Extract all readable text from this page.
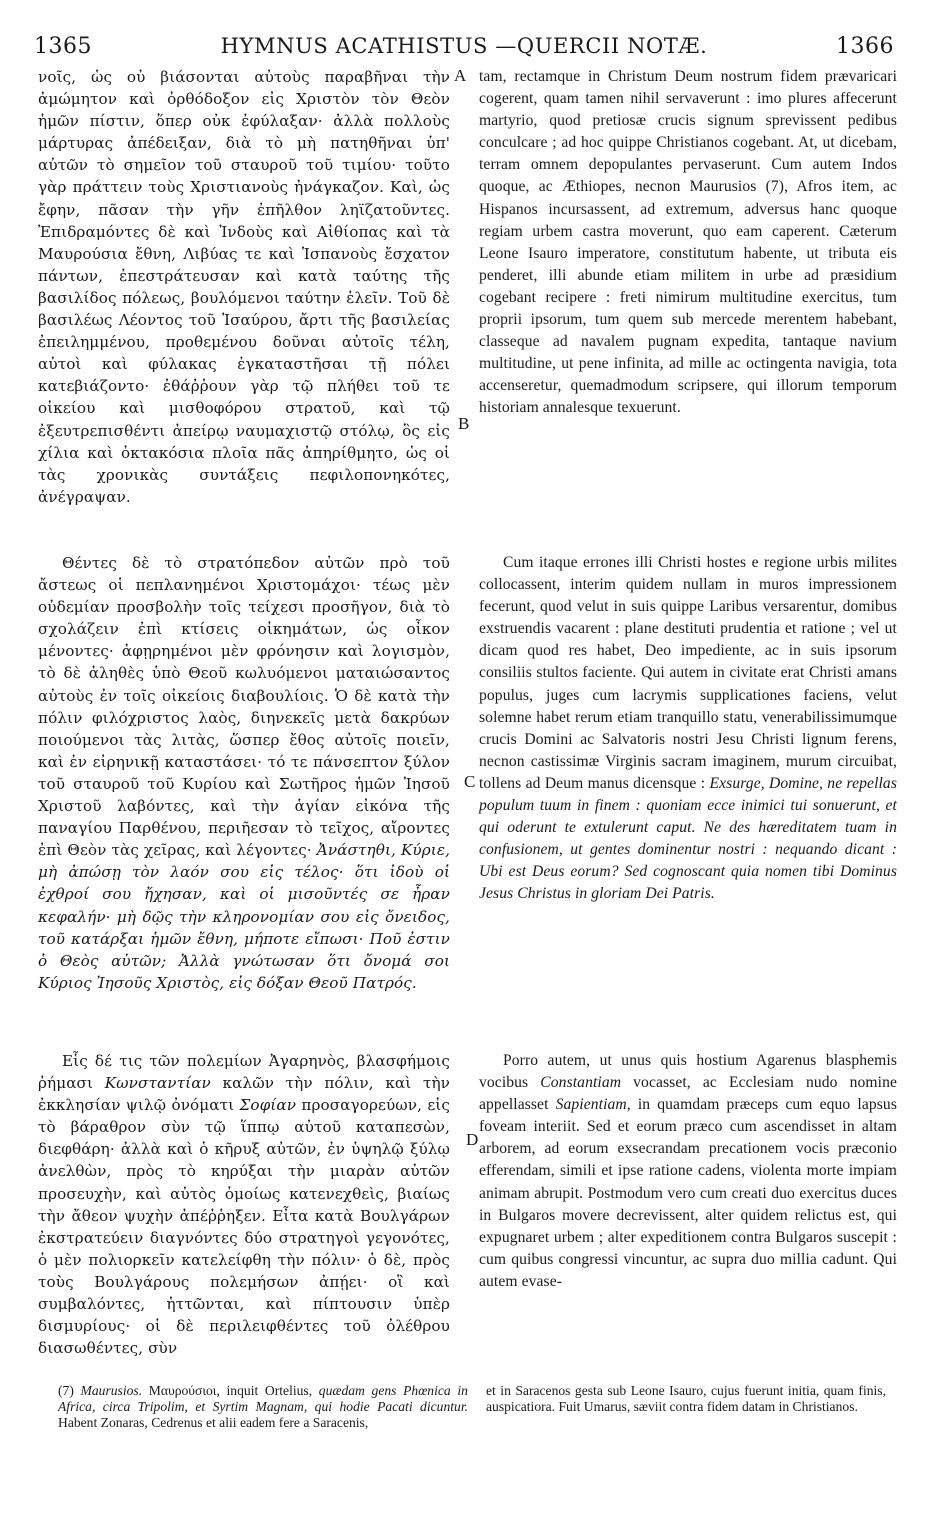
1365	HYMNUS ACATHISTUS —QUERCII NOTÆ.	1366
νοῖς, ὡς οὐ βιάσονται αὐτοὺς παραβῆναι τὴν ἀμώμητον καὶ ὀρθόδοξον εἰς Χριστὸν τὸν Θεὸν ἡμῶν πίστιν, ὅπερ οὐκ ἐφύλαξαν· ἀλλὰ πολλοὺς μάρτυρας ἀπέδειξαν, διὰ τὸ μὴ πατηθῆναι ὑπ' αὐτῶν τὸ σημεῖον τοῦ σταυροῦ τοῦ τιμίου· τοῦτο γὰρ πράττειν τοὺς Χριστιανοὺς ἠνάγκαζον. Καὶ, ὡς ἔφην, πᾶσαν τὴν γῆν ἐπῆλθον ληϊζατοῦντες. Ἐπιδραμόντες δὲ καὶ Ἰνδοὺς καὶ Αἰθίοπας καὶ τὰ Μαυρούσια ἔθνη, Λιβύας τε καὶ Ἱσπανοὺς ἔσχατον πάντων, ἐπεστράτευσαν καὶ κατὰ ταύτης τῆς βασιλίδος πόλεως, βουλόμενοι ταύτην ἑλεῖν. Τοῦ δὲ βασιλέως Λέοντος τοῦ Ἰσαύρου, ἄρτι τῆς βασιλείας ἐπειλημμένου, προθεμένου δοῦναι αὐτοῖς τέλη, αὐτοὶ καὶ φύλακας ἐγκαταστῆσαι τῇ πόλει κατεβιάζοντο· ἐθάῤῥουν γὰρ τῷ πλήθει τοῦ τε οἰκείου καὶ μισθοφόρου στρατοῦ, καὶ τῷ ἐξευτρεπισθέντι ἀπείρῳ ναυμαχιστῷ στόλῳ, ὃς εἰς χίλια καὶ ὀκτακόσια πλοῖα πᾶς ἀπηρίθμητο, ὡς οἱ τὰς χρονικὰς συντάξεις πεφιλοπονηκότες, ἀνέγραψαν.
tam, rectamque in Christum Deum nostrum fidem prævaricari cogerent, quam tamen nihil servaverunt : imo plures affecerunt martyrio, quod pretiosæ crucis signum sprevissent pedibus conculcare ; ad hoc quippe Christianos cogebant. At, ut dicebam, terram omnem depopulantes pervaserunt. Cum autem Indos quoque, ac Æthiopes, necnon Maurusios (7), Afros item, ac Hispanos incursassent, ad extremum, adversus hanc quoque regiam urbem castra moverunt, quo eam caperent. Cæterum Leone Isauro imperatore, constitutum habente, ut tributa eis penderet, illi abunde etiam militem in urbe ad præsidium cogebant recipere : freti nimirum multitudine exercitus, tum proprii ipsorum, tum quem sub mercede merentem habebant, classeque ad navalem pugnam expedita, tantaque navium multitudine, ut pene infinita, ad mille ac octingenta navigia, tota accenseretur, quemadmodum scripsere, qui illorum temporum historiam annalesque texuerunt.
Θέντες δὲ τὸ στρατόπεδον αὐτῶν πρὸ τοῦ ἄστεως οἱ πεπλανημένοι Χριστομάχοι· τέως μὲν οὐδεμίαν προσβολὴν τοῖς τείχεσι προσῆγον, διὰ τὸ σχολάζειν ἐπὶ κτίσεις οἰκημάτων, ὡς οἶκον μένοντες· ἀφῃρημένοι μὲν φρόνησιν καὶ λογισμὸν, τὸ δὲ ἀληθὲς ὑπὸ Θεοῦ κωλυόμενοι ματαιώσαντος αὐτοὺς ἐν τοῖς οἰκείοις διαβουλίοις. Ὁ δὲ κατὰ τὴν πόλιν φιλόχριστος λαὸς, διηνεκεῖς μετὰ δακρύων ποιούμενοι τὰς λιτὰς, ὥσπερ ἔθος αὐτοῖς ποιεῖν, καὶ ἐν εἰρηνικῇ καταστάσει· τό τε πάνσεπτον ξύλον τοῦ σταυροῦ τοῦ Κυρίου καὶ Σωτῆρος ἡμῶν Ἰησοῦ Χριστοῦ λαβόντες, καὶ τὴν ἁγίαν εἰκόνα τῆς παναγίου Παρθένου, περιῆεσαν τὸ τεῖχος, αἴροντες ἐπὶ Θεὸν τὰς χεῖρας, καὶ λέγοντες· Ἀνάστηθι, Κύριε, μὴ ἀπώσῃ τὸν λαόν σου εἰς τέλος· ὅτι ἰδοὺ οἱ ἐχθροί σου ἤχησαν, καὶ οἱ μισοῦντές σε ἦραν κεφαλήν· μὴ δῷς τὴν κληρονομίαν σου εἰς ὄνειδος, τοῦ κατάρξαι ἡμῶν ἔθνη, μήποτε εἴπωσι· Ποῦ ἐστιν ὁ Θεὸς αὐτῶν; Ἀλλὰ γνώτωσαν ὅτι ὄνομά σοι Κύριος Ἰησοῦς Χριστὸς, εἰς δόξαν Θεοῦ Πατρός.
Cum itaque errones illi Christi hostes e regione urbis milites collocassent, interim quidem nullam in muros impressionem fecerunt, quod velut in suis quippe Laribus versarentur, domibus exstruendis vacarent : plane destituti prudentia et ratione ; vel ut dicam quod res habet, Deo impediente, ac in suis ipsorum consiliis stultos faciente. Qui autem in civitate erat Christi amans populus, juges cum lacrymis supplicationes faciens, velut solemne habet rerum etiam tranquillo statu, venerabilissimumque crucis Domini ac Salvatoris nostri Jesu Christi lignum ferens, necnon castissimæ Virginis sacram imaginem, murum circuibat, tollens ad Deum manus dicensque : Exsurge, Domine, ne repellas populum tuum in finem : quoniam ecce inimici tui sonuerunt, et qui oderunt te extulerunt caput. Ne des hæreditatem tuam in confusionem, ut gentes dominentur nostri : nequando dicant : Ubi est Deus eorum? Sed cognoscant quia nomen tibi Dominus Jesus Christus in gloriam Dei Patris.
Εἷς δέ τις τῶν πολεμίων Ἀγαρηνὸς, βλασφήμοις ῥήμασι Κωνσταντίαν καλῶν τὴν πόλιν, καὶ τὴν ἐκκλησίαν ψιλῷ ὀνόματι Σοφίαν προσαγορεύων, εἰς τὸ βάραθρον σὺν τῷ ἵππῳ αὐτοῦ καταπεσὼν, διεφθάρη· ἀλλὰ καὶ ὁ κῆρυξ αὐτῶν, ἐν ὑψηλῷ ξύλῳ ἀνελθὼν, πρὸς τὸ κηρύξαι τὴν μιαρὰν αὐτῶν προσευχὴν, καὶ αὐτὸς ὁμοίως κατενεχθεὶς, βιαίως τὴν ἄθεον ψυχὴν ἀπέῤῥηξεν. Εἶτα κατὰ Βουλγάρων ἐκστρατεύειν διαγνόντες δύο στρατηγοὶ γεγονότες, ὁ μὲν πολιορκεῖν κατελείφθη τὴν πόλιν· ὁ δὲ, πρὸς τοὺς Βουλγάρους πολεμήσων ἀπῄει· οἳ καὶ συμβαλόντες, ἡττῶνται, καὶ πίπτουσιν ὑπὲρ δισμυρίους· οἱ δὲ περιλειφθέντες τοῦ ὀλέθρου διασωθέντες, σὺν
Porro autem, ut unus quis hostium Agarenus blasphemis vocibus Constantiam vocasset, ac Ecclesiam nudo nomine appellasset Sapientiam, in quamdam præceps cum equo lapsus foveam interiit. Sed et eorum præco cum ascendisset in altam arborem, ad eorum exsecrandam precationem vocis præconio efferendam, simili et ipse ratione cadens, violenta morte impiam animam abrupit. Postmodum vero cum creati duo exercitus duces in Bulgaros movere decrevissent, alter quidem relictus est, qui expugnaret urbem ; alter expeditionem contra Bulgaros suscepit : cum quibus congressi vincuntur, ac supra duo millia cadunt. Qui autem evase-
A
B
C
D
(7) Maurusios. Μαυρούσιοι, inquit Ortelius, quædam gens Phœnica in Africa, circa Tripolim, et Syrtim Magnam, qui hodie Pacati dicuntur. Habent Zonaras, Cedrenus et alii eadem fere a Saracenis,
et in Saracenos gesta sub Leone Isauro, cujus fuerunt initia, quam finis, auspicatiora. Fuit Umarus, sæviit contra fidem datam in Christianos.
